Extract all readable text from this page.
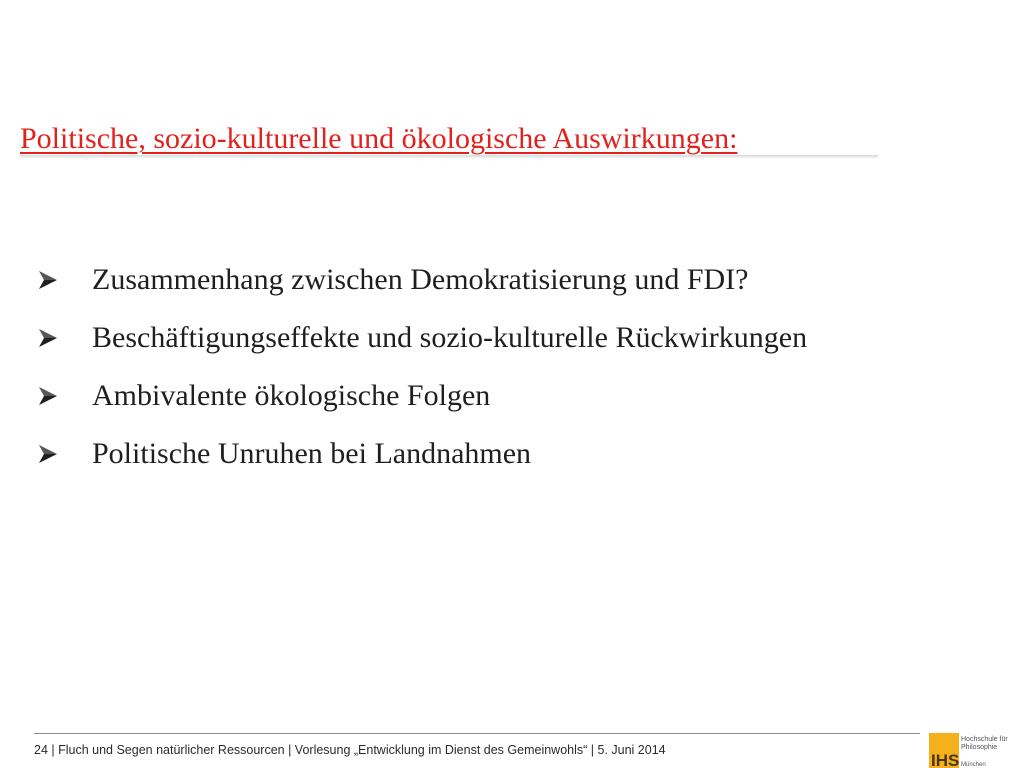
Politische, sozio-kulturelle und ökologische Auswirkungen:
Zusammenhang zwischen Demokratisierung und FDI?
Beschäftigungseffekte und sozio-kulturelle Rückwirkungen
Ambivalente ökologische Folgen
Politische Unruhen bei Landnahmen
24 | Fluch und Segen natürlicher Ressourcen | Vorlesung „Entwicklung im Dienst des Gemeinwohls“ | 5. Juni 2014
IHS
Hochschule für
Philosophie
München
